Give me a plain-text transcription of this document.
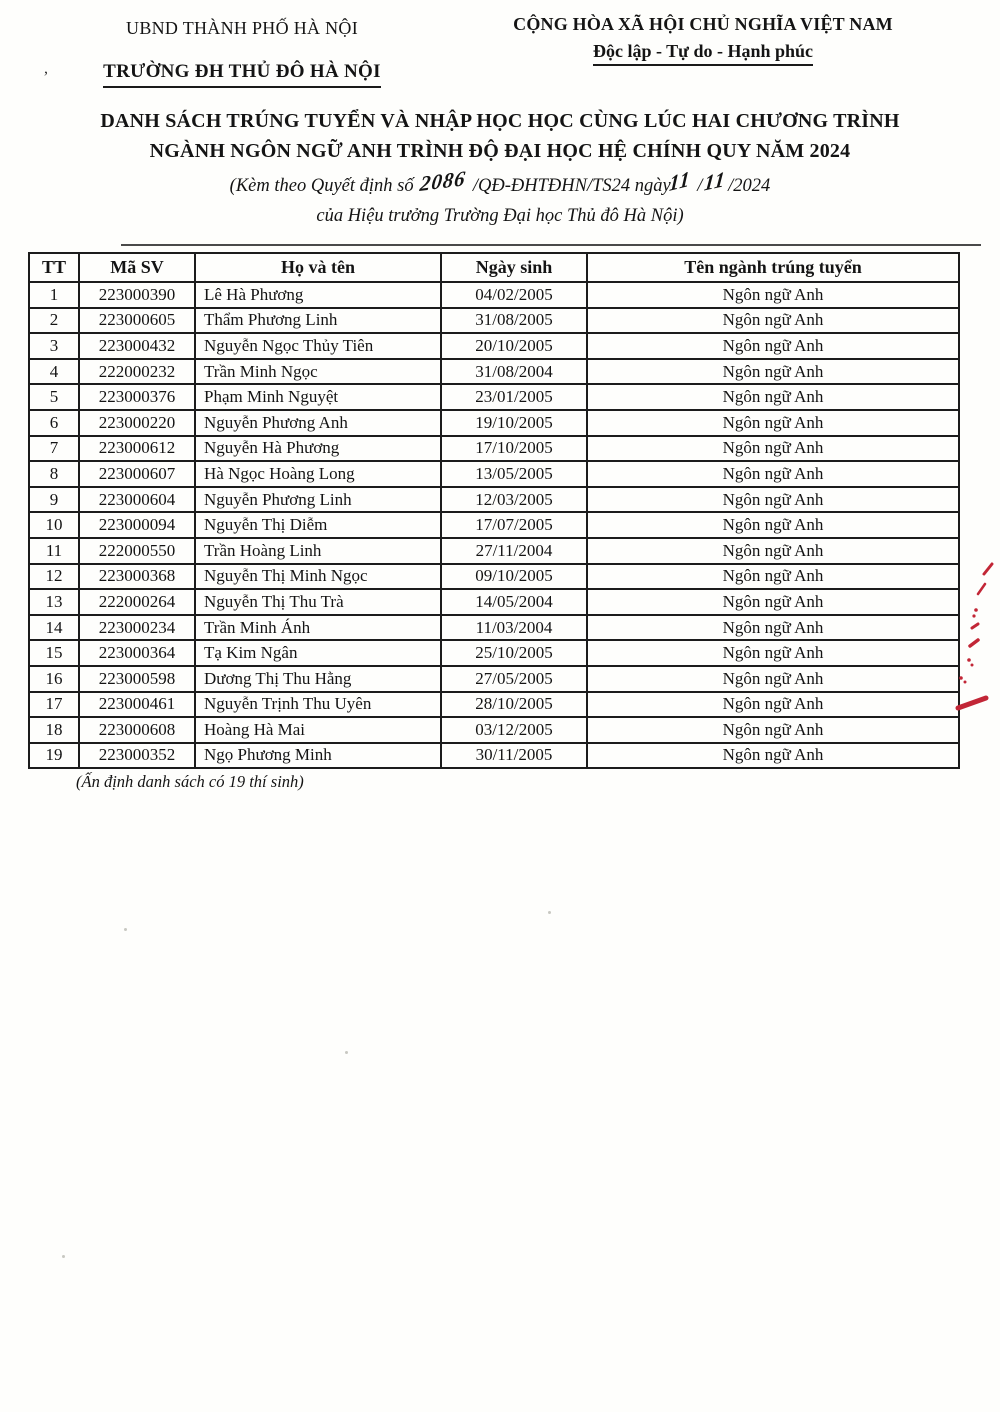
UBND THÀNH PHỐ HÀ NỘI

TRƯỜNG ĐH THỦ ĐÔ HÀ NỘI
,
CỘNG HÒA XÃ HỘI CHỦ NGHĨA VIỆT NAM
Độc lập - Tự do - Hạnh phúc
DANH SÁCH TRÚNG TUYỂN VÀ NHẬP HỌC HỌC CÙNG LÚC HAI CHƯƠNG TRÌNH
NGÀNH NGÔN NGỮ ANH TRÌNH ĐỘ ĐẠI HỌC HỆ CHÍNH QUY NĂM 2024
(Kèm theo Quyết định số 2086 /QĐ-ĐHTĐHN/TS24 ngày11 /11/2024
của Hiệu trưởng Trường Đại học Thủ đô Hà Nội)
TT	Mã SV	Họ và tên	Ngày sinh	Tên ngành trúng tuyển
1	223000390	Lê Hà Phương	04/02/2005	Ngôn ngữ Anh
2	223000605	Thẩm Phương Linh	31/08/2005	Ngôn ngữ Anh
3	223000432	Nguyễn Ngọc Thủy Tiên	20/10/2005	Ngôn ngữ Anh
4	222000232	Trần Minh Ngọc	31/08/2004	Ngôn ngữ Anh
5	223000376	Phạm Minh Nguyệt	23/01/2005	Ngôn ngữ Anh
6	223000220	Nguyễn Phương Anh	19/10/2005	Ngôn ngữ Anh
7	223000612	Nguyễn Hà Phương	17/10/2005	Ngôn ngữ Anh
8	223000607	Hà Ngọc Hoàng Long	13/05/2005	Ngôn ngữ Anh
9	223000604	Nguyễn Phương Linh	12/03/2005	Ngôn ngữ Anh
10	223000094	Nguyễn Thị Diễm	17/07/2005	Ngôn ngữ Anh
11	222000550	Trần Hoàng Linh	27/11/2004	Ngôn ngữ Anh
12	223000368	Nguyễn Thị Minh Ngọc	09/10/2005	Ngôn ngữ Anh
13	222000264	Nguyễn Thị Thu Trà	14/05/2004	Ngôn ngữ Anh
14	223000234	Trần Minh Ánh	11/03/2004	Ngôn ngữ Anh
15	223000364	Tạ Kim Ngân	25/10/2005	Ngôn ngữ Anh
16	223000598	Dương Thị Thu Hằng	27/05/2005	Ngôn ngữ Anh
17	223000461	Nguyễn Trịnh Thu Uyên	28/10/2005	Ngôn ngữ Anh
18	223000608	Hoàng Hà Mai	03/12/2005	Ngôn ngữ Anh
19	223000352	Ngọ Phương Minh	30/11/2005	Ngôn ngữ Anh
(Ấn định danh sách có 19 thí sinh)
